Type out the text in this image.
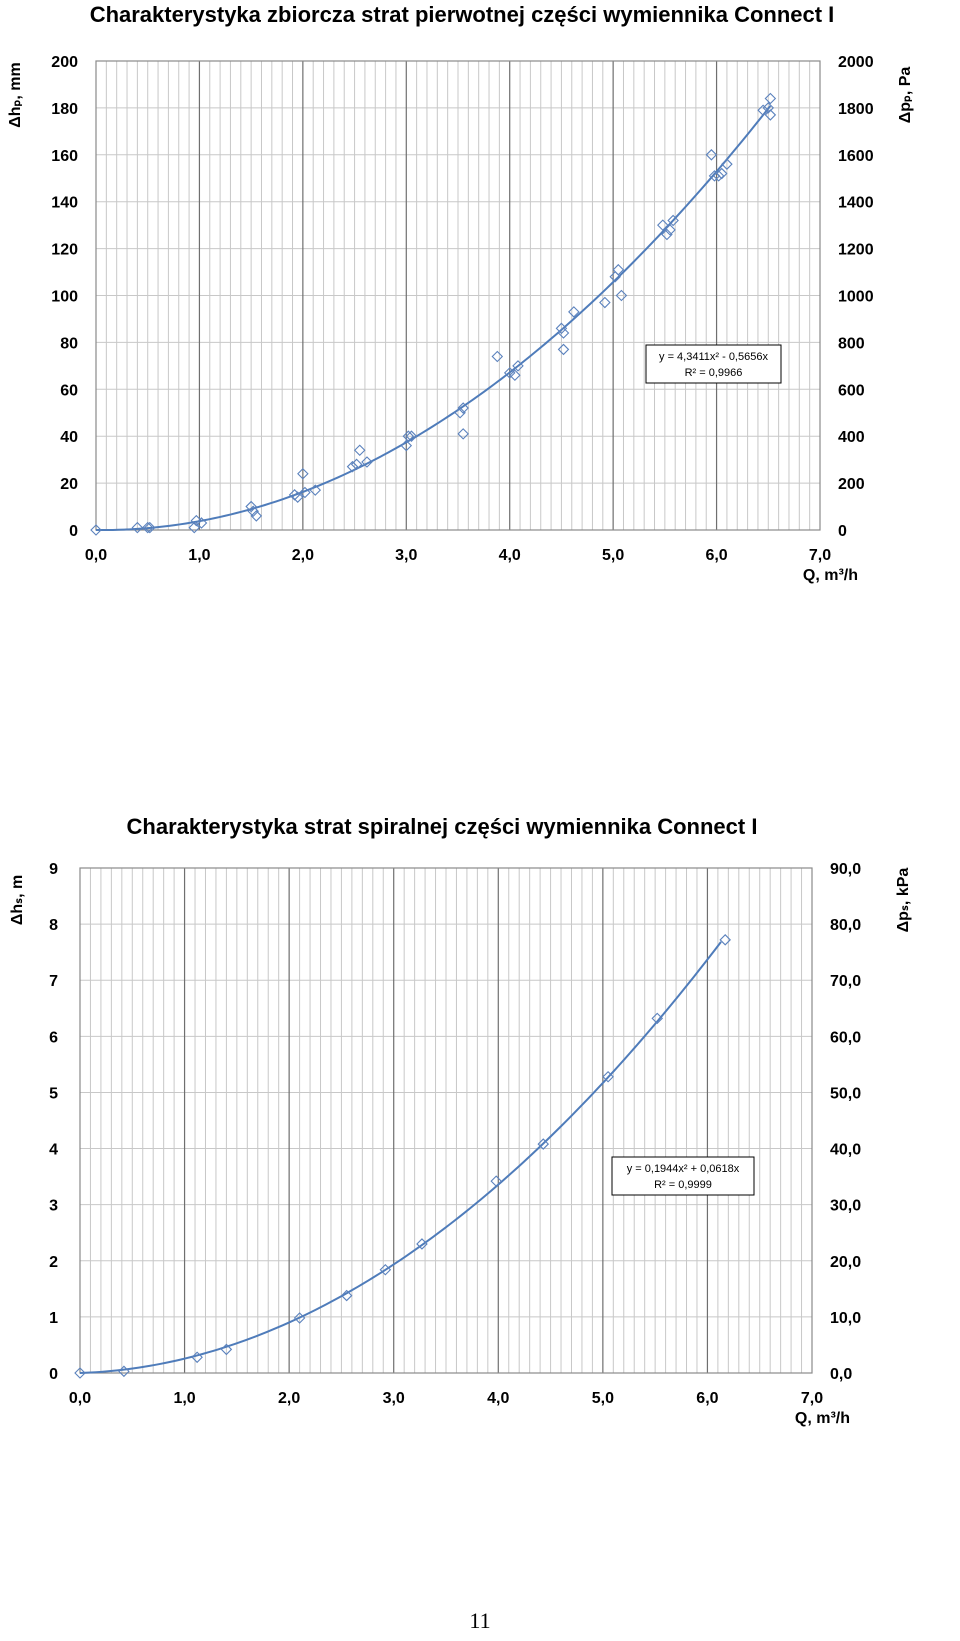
Charakterystyka zbiorcza strat pierwotnej części wymiennika Connect I
0,0	1,0	2,0	3,0	4,0	5,0	6,0	7,0
0
20
40
60
80
100
120
140
160
180
200
0
200
400
600
800
1000
1200
1400
1600
1800
2000
Q, m³/h
Δhₚ, mm	Δpₚ, Pa
y = 4,3411x² - 0,5656x
R² = 0,9966
Charakterystyka strat spiralnej części wymiennika Connect I
0,0	1,0	2,0	3,0	4,0	5,0	6,0	7,0
0
1
2
3
4
5
6
7
8
9
0,0
10,0
20,0
30,0
40,0
50,0
60,0
70,0
80,0
90,0
Q, m³/h
Δhₛ, m	Δpₛ, kPa
y = 0,1944x² + 0,0618x
R² = 0,9999
11
